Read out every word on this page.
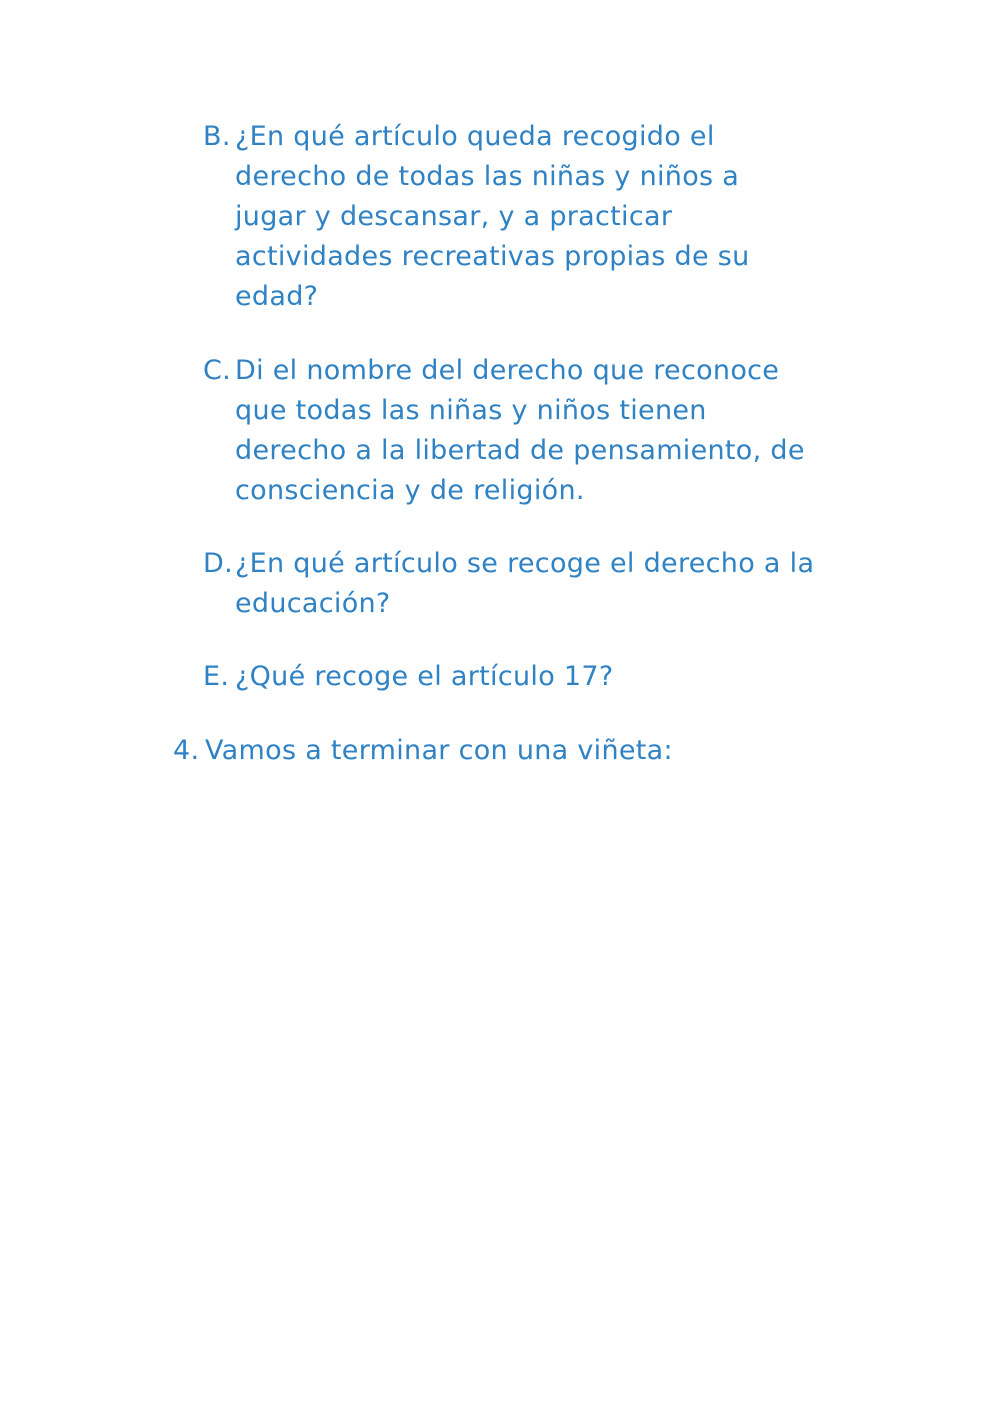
B. ¿En qué artículo queda recogido el
derecho de todas las niñas y niños a
jugar y descansar, y a practicar
actividades recreativas propias de su
edad?
C. Di el nombre del derecho que reconoce
que todas las niñas y niños tienen
derecho a la libertad de pensamiento, de
consciencia y de religión.
D. ¿En qué artículo se recoge el derecho a la
educación?
E. ¿Qué recoge el artículo 17?
4. Vamos a terminar con una viñeta:
